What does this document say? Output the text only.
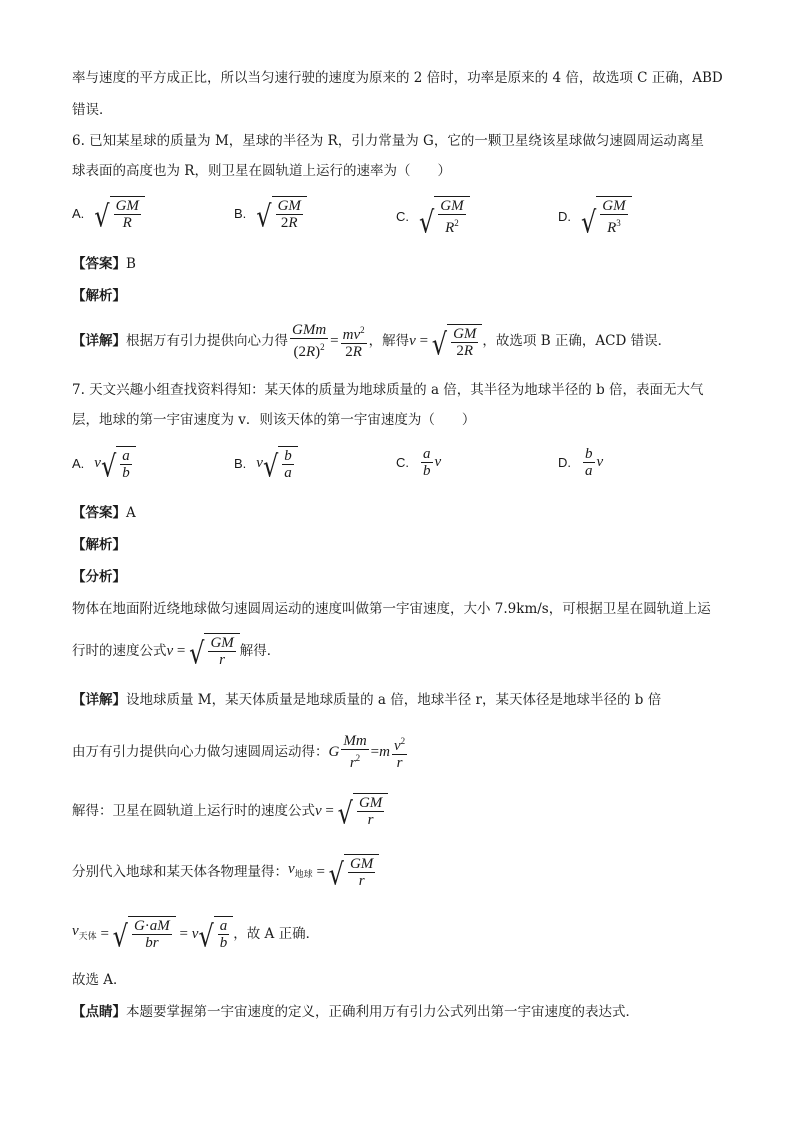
率与速度的平方成正比，所以当匀速行驶的速度为原来的 2 倍时，功率是原来的 4 倍，故选项 C 正确，ABD
错误．
6. 已知某星球的质量为 M，星球的半径为 R，引力常量为 G，它的一颗卫星绕该星球做匀速圆周运动离星
球表面的高度也为 R，则卫星在圆轨道上运行的速率为（　　）
A. √ $\frac{GM}{R}$	B. √ $\frac{GM}{2R}$	C. √ $\frac{GM}{R^2}$	D. √ $\frac{GM}{R^3}$
【答案】B
【解析】
【详解】 根据万有引力提供向心力得 $\frac{\text{GMm}}{(2R)^2} = \frac{mv^2}{2R}$ ，解得 v = √ $\frac{GM}{2R}$ ，故选项 B 正确，ACD 错误．
7. 天文兴趣小组查找资料得知：某天体的质量为地球质量的 a 倍，其半径为地球半径的 b 倍，表面无大气
层，地球的第一宇宙速度为 v．则该天体的第一宇宙速度为（　　）
A. v √ $\frac{a}{b}$	B. v √ $\frac{b}{a}$	C. $\frac{a}{b}$ v	D. $\frac{b}{a}$ v
【答案】A
【解析】
【分析】
物体在地面附近绕地球做匀速圆周运动的速度叫做第一宇宙速度，大小 7.9km/s，可根据卫星在圆轨道上运
行时的速度公式 v = √ $\frac{GM}{r}$ 解得．
【详解】设地球质量 M，某天体质量是地球质量的 a 倍，地球半径 r，某天体径是地球半径的 b 倍
由万有引力提供向心力做匀速圆周运动得： G $\frac{Mm}{r^2} = m \frac{v^2}{r}$
解得：卫星在圆轨道上运行时的速度公式 v = √ $\frac{GM}{r}$
分别代入地球和某天体各物理量得： $v_{地球}$ = √ $\frac{GM}{r}$
$v_{天体}$ = √ $\frac{G\cdot aM}{br} = v$ √ $\frac{a}{b}$ ，故 A 正确．
故选 A．
【点睛】本题要掌握第一宇宙速度的定义，正确利用万有引力公式列出第一宇宙速度的表达式．
